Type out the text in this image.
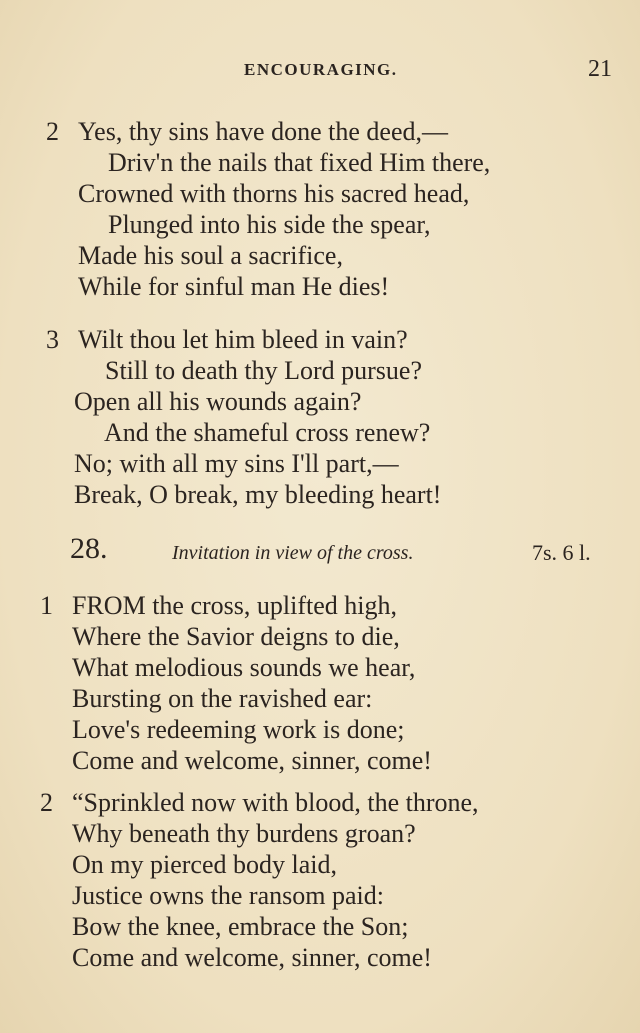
ENCOURAGING.	21
2 Yes, thy sins have done the deed,—
Driv'n the nails that fixed Him there,
Crowned with thorns his sacred head,
Plunged into his side the spear,
Made his soul a sacrifice,
While for sinful man He dies!
3 Wilt thou let him bleed in vain?
Still to death thy Lord pursue?
Open all his wounds again?
And the shameful cross renew?
No; with all my sins I'll part,—
Break, O break, my bleeding heart!
28.	Invitation in view of the cross.	7s. 6 l.
1 FROM the cross, uplifted high,
Where the Savior deigns to die,
What melodious sounds we hear,
Bursting on the ravished ear:
Love's redeeming work is done;
Come and welcome, sinner, come!
2 “Sprinkled now with blood, the throne,
Why beneath thy burdens groan?
On my pierced body laid,
Justice owns the ransom paid:
Bow the knee, embrace the Son;
Come and welcome, sinner, come!
